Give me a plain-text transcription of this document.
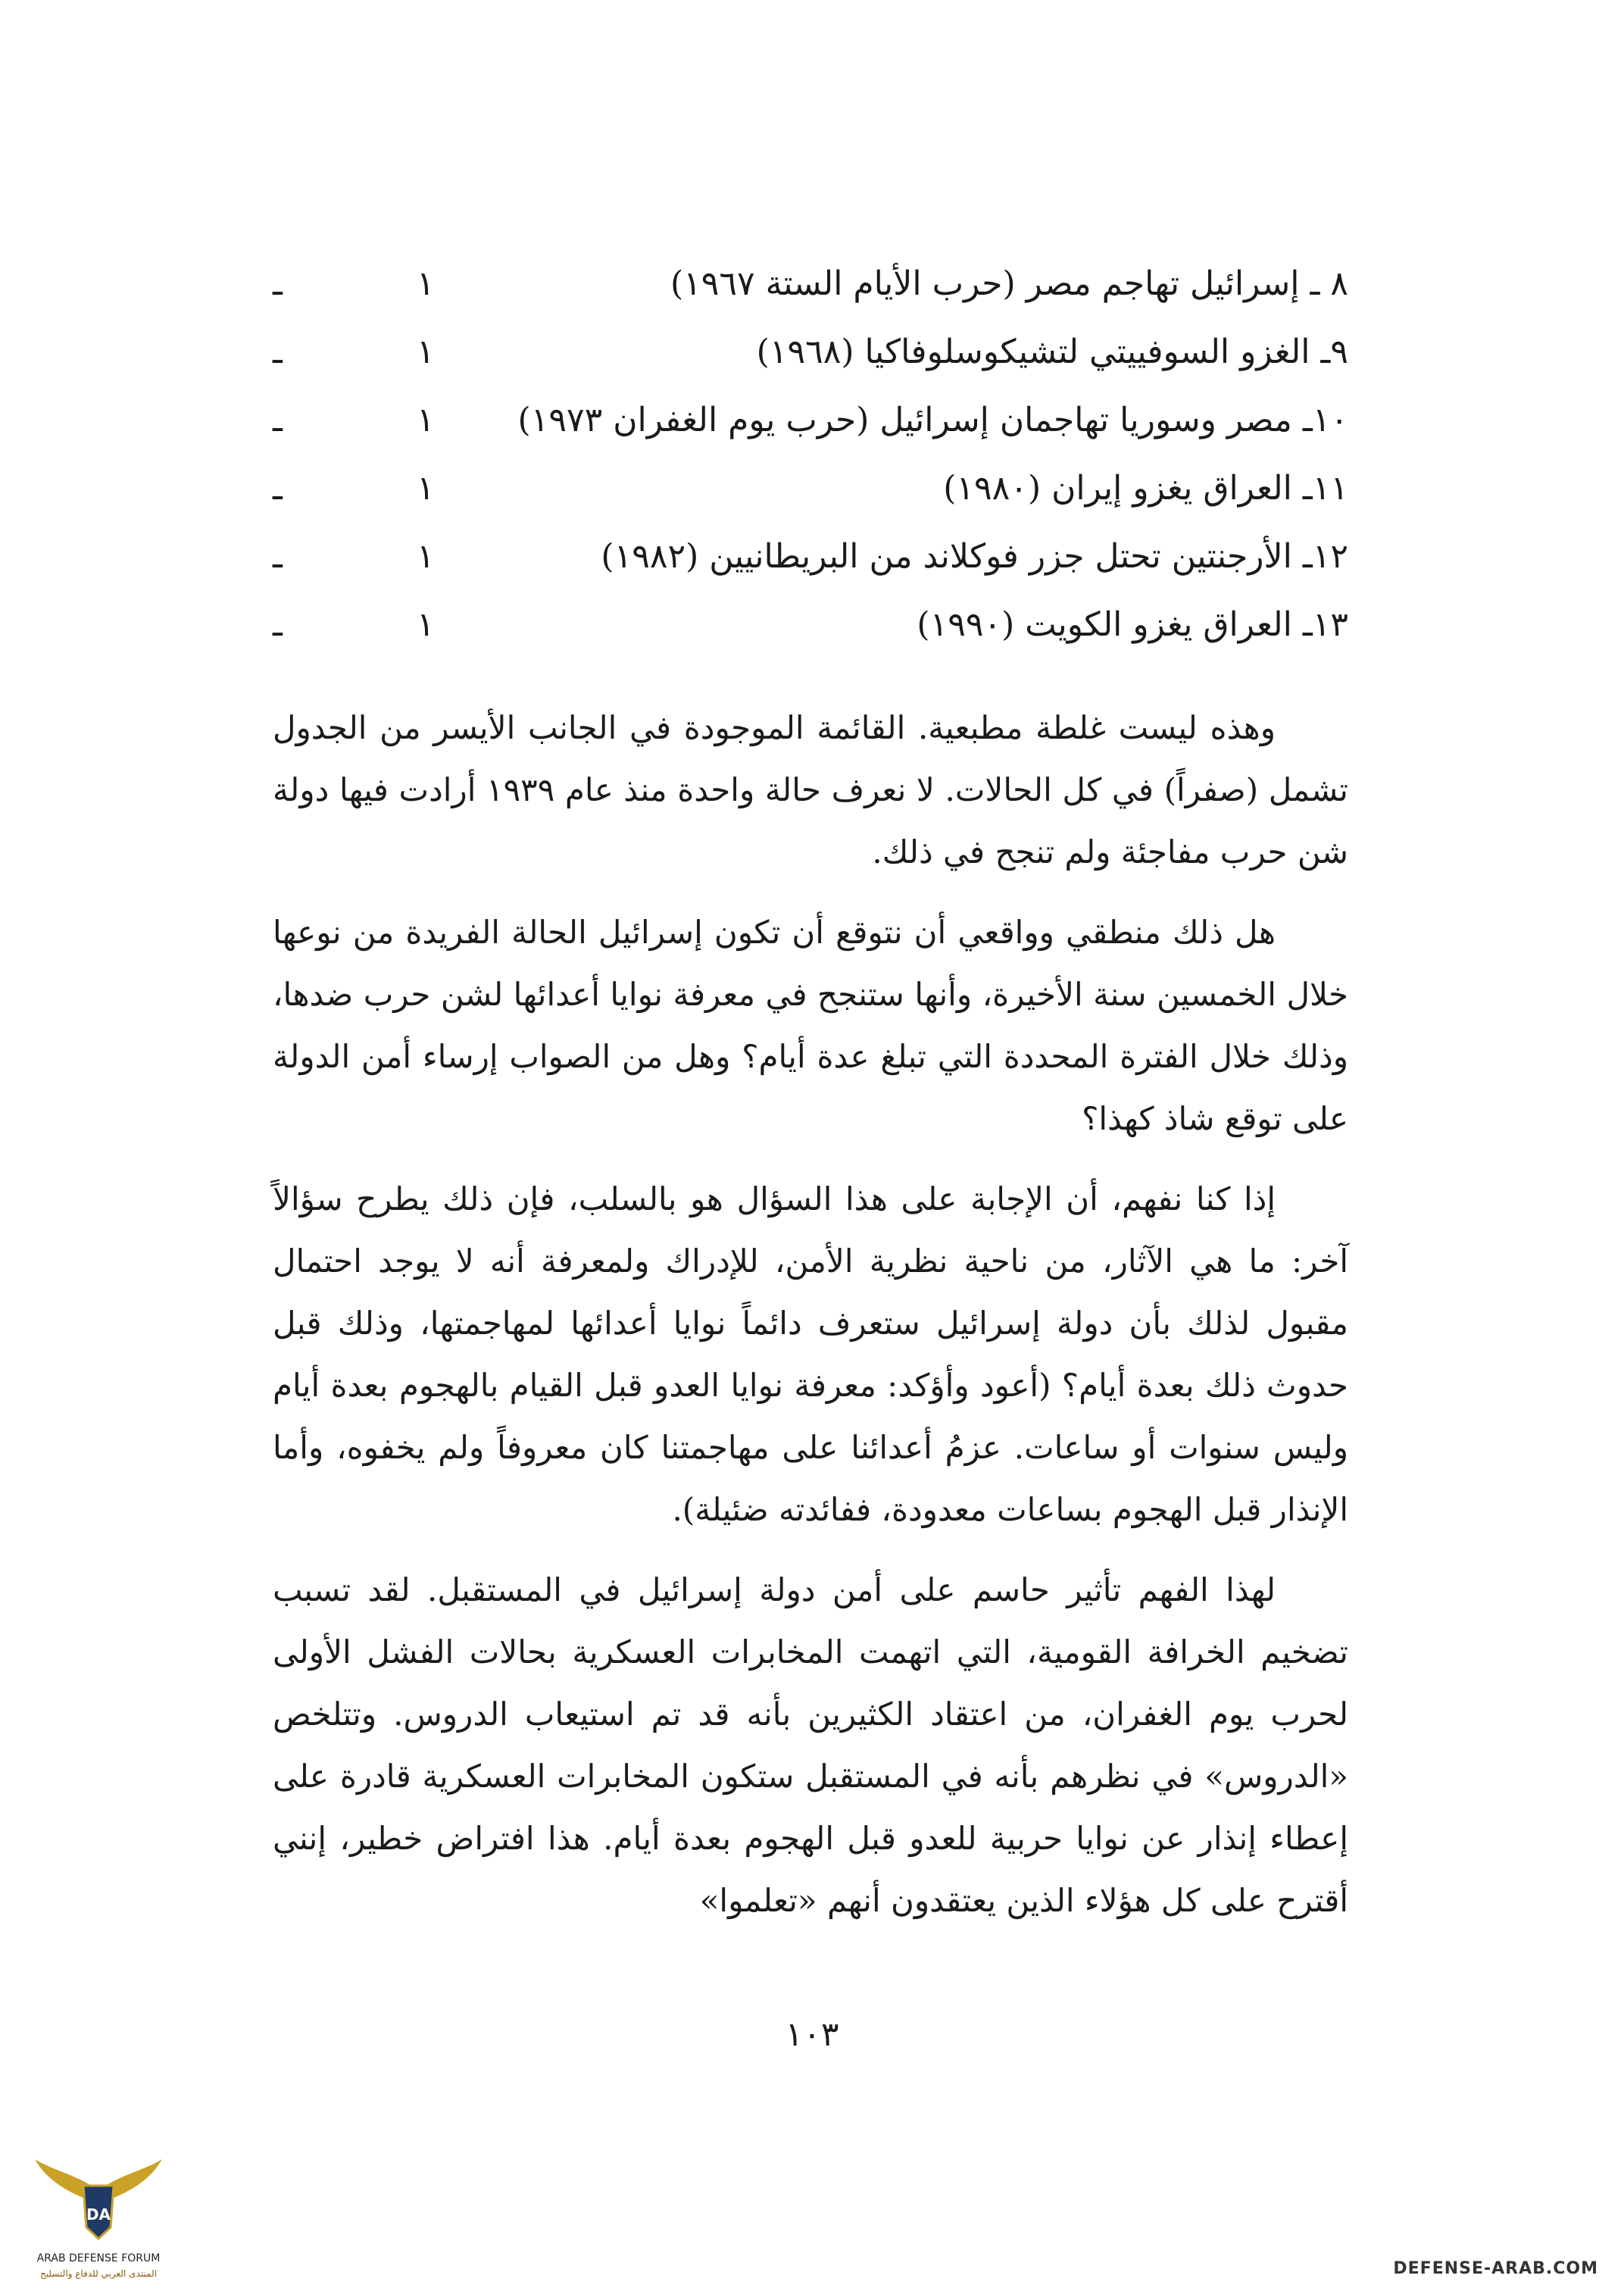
٨ ـ إسرائيل تهاجم مصر (حرب الأيام الستة ١٩٦٧)
١
ـ
٩ـ الغزو السوفييتي لتشيكوسلوفاكيا (١٩٦٨)
١
ـ
١٠ـ مصر وسوريا تهاجمان إسرائيل (حرب يوم الغفران ١٩٧٣)
١
ـ
١١ـ العراق يغزو إيران (١٩٨٠)
١
ـ
١٢ـ الأرجنتين تحتل جزر فوكلاند من البريطانيين (١٩٨٢)
١
ـ
١٣ـ العراق يغزو الكويت (١٩٩٠)
١
ـ

وهذه ليست غلطة مطبعية. القائمة الموجودة في الجانب الأيسر من الجدول تشمل (صفراً) في كل الحالات. لا نعرف حالة واحدة منذ عام ١٩٣٩ أرادت فيها دولة شن حرب مفاجئة ولم تنجح في ذلك.

هل ذلك منطقي وواقعي أن نتوقع أن تكون إسرائيل الحالة الفريدة من نوعها خلال الخمسين سنة الأخيرة، وأنها ستنجح في معرفة نوايا أعدائها لشن حرب ضدها، وذلك خلال الفترة المحددة التي تبلغ عدة أيام؟ وهل من الصواب إرساء أمن الدولة على توقع شاذ كهذا؟

إذا كنا نفهم، أن الإجابة على هذا السؤال هو بالسلب، فإن ذلك يطرح سؤالاً آخر: ما هي الآثار، من ناحية نظرية الأمن، للإدراك ولمعرفة أنه لا يوجد احتمال مقبول لذلك بأن دولة إسرائيل ستعرف دائماً نوايا أعدائها لمهاجمتها، وذلك قبل حدوث ذلك بعدة أيام؟ (أعود وأؤكد: معرفة نوايا العدو قبل القيام بالهجوم بعدة أيام وليس سنوات أو ساعات. عزمُ أعدائنا على مهاجمتنا كان معروفاً ولم يخفوه، وأما الإنذار قبل الهجوم بساعات معدودة، ففائدته ضئيلة).

لهذا الفهم تأثير حاسم على أمن دولة إسرائيل في المستقبل. لقد تسبب تضخيم الخرافة القومية، التي اتهمت المخابرات العسكرية بحالات الفشل الأولى لحرب يوم الغفران، من اعتقاد الكثيرين بأنه قد تم استيعاب الدروس. وتتلخص «الدروس» في نظرهم بأنه في المستقبل ستكون المخابرات العسكرية قادرة على إعطاء إنذار عن نوايا حربية للعدو قبل الهجوم بعدة أيام. هذا افتراض خطير، إنني أقترح على كل هؤلاء الذين يعتقدون أنهم «تعلموا»

١٠٣
DA
ARAB DEFENSE FORUM
المنتدى العربي للدفاع والتسليح	DEFENSE-ARAB.COM
